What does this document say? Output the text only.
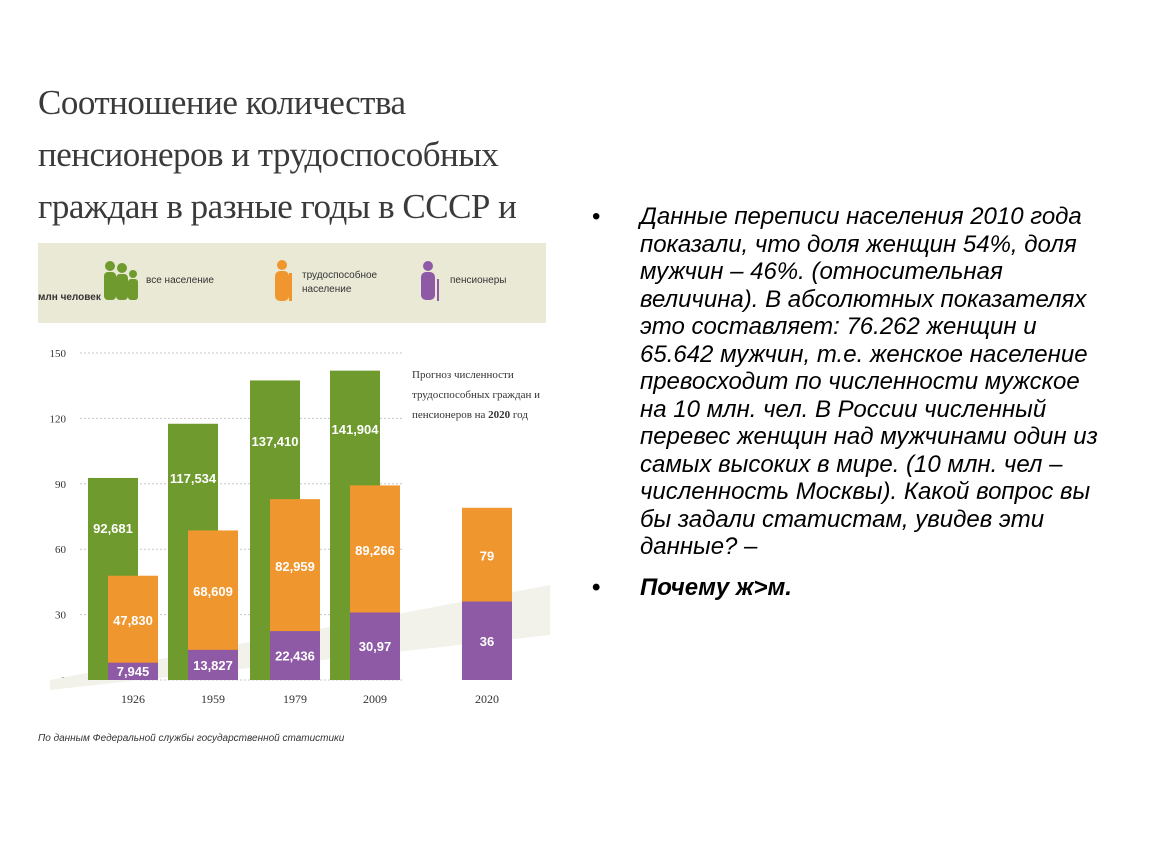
Соотношение количества пенсионеров и трудоспособных граждан в разные годы в СССР и
все население	трудоспособное население
пенсионеры
млн человек
150
120
90
60
30
92,681
47,830
7,945
1926
117,534
68,609
13,827
1959
137,410
82,959
22,436
1979
141,904
89,266
30,97
2009
79
36
2020
Прогноз численности трудоспособных граждан и пенсионеров на 2020 год
По данным Федеральной службы государственной статистики
• Данные переписи населения 2010 года показали, что доля женщин 54%, доля мужчин – 46%. (относительная величина). В абсолютных показателях это составляет: 76.262 женщин и 65.642 мужчин, т.е. женское население превосходит по численности мужское на 10 млн. чел. В России численный перевес женщин над мужчинами один из самых высоких в мире. (10 млн. чел – численность Москвы). Какой вопрос вы бы задали статистам, увидев эти данные? –
• Почему ж>м.
